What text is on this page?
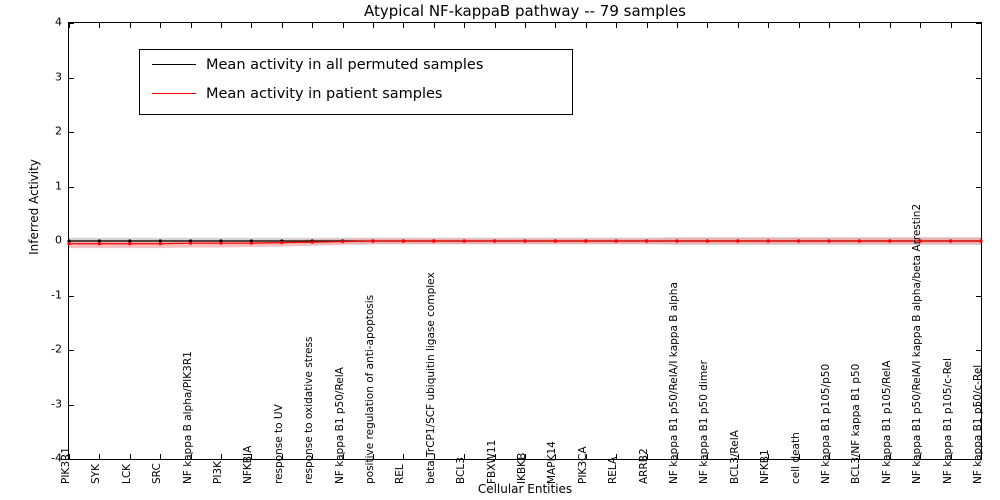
Atypical NF-kappaB pathway -- 79 samples
Inferred Activity
Cellular Entities
-4
-3
-2
-1
0
1
2
3
4
Mean activity in all permuted samples
Mean activity in patient samples
PIK3R1 SYK LCK SRC NF kappa B alpha/PIK3R1 PI3K NFKBIA response to UV response to oxidative stress NF kappa B1 p50/RelA positive regulation of anti-apoptosis REL beta TrCP1/SCF ubiquitin ligase complex BCL3 FBXW11 IKBKB MAPK14 PIK3CA RELA ARRB2 NF kappa B1 p50/RelA/I kappa B alpha NF kappa B1 p50 dimer BCL3/RelA NFKB1 cell death NF kappa B1 p105/p50 BCL3/NF kappa B1 p50 NF kappa B1 p105/RelA NF kappa B1 p50/RelA/I kappa B alpha/beta Arrestin2 NF kappa B1 p105/c-Rel NF kappa B1 p50/c-Rel
